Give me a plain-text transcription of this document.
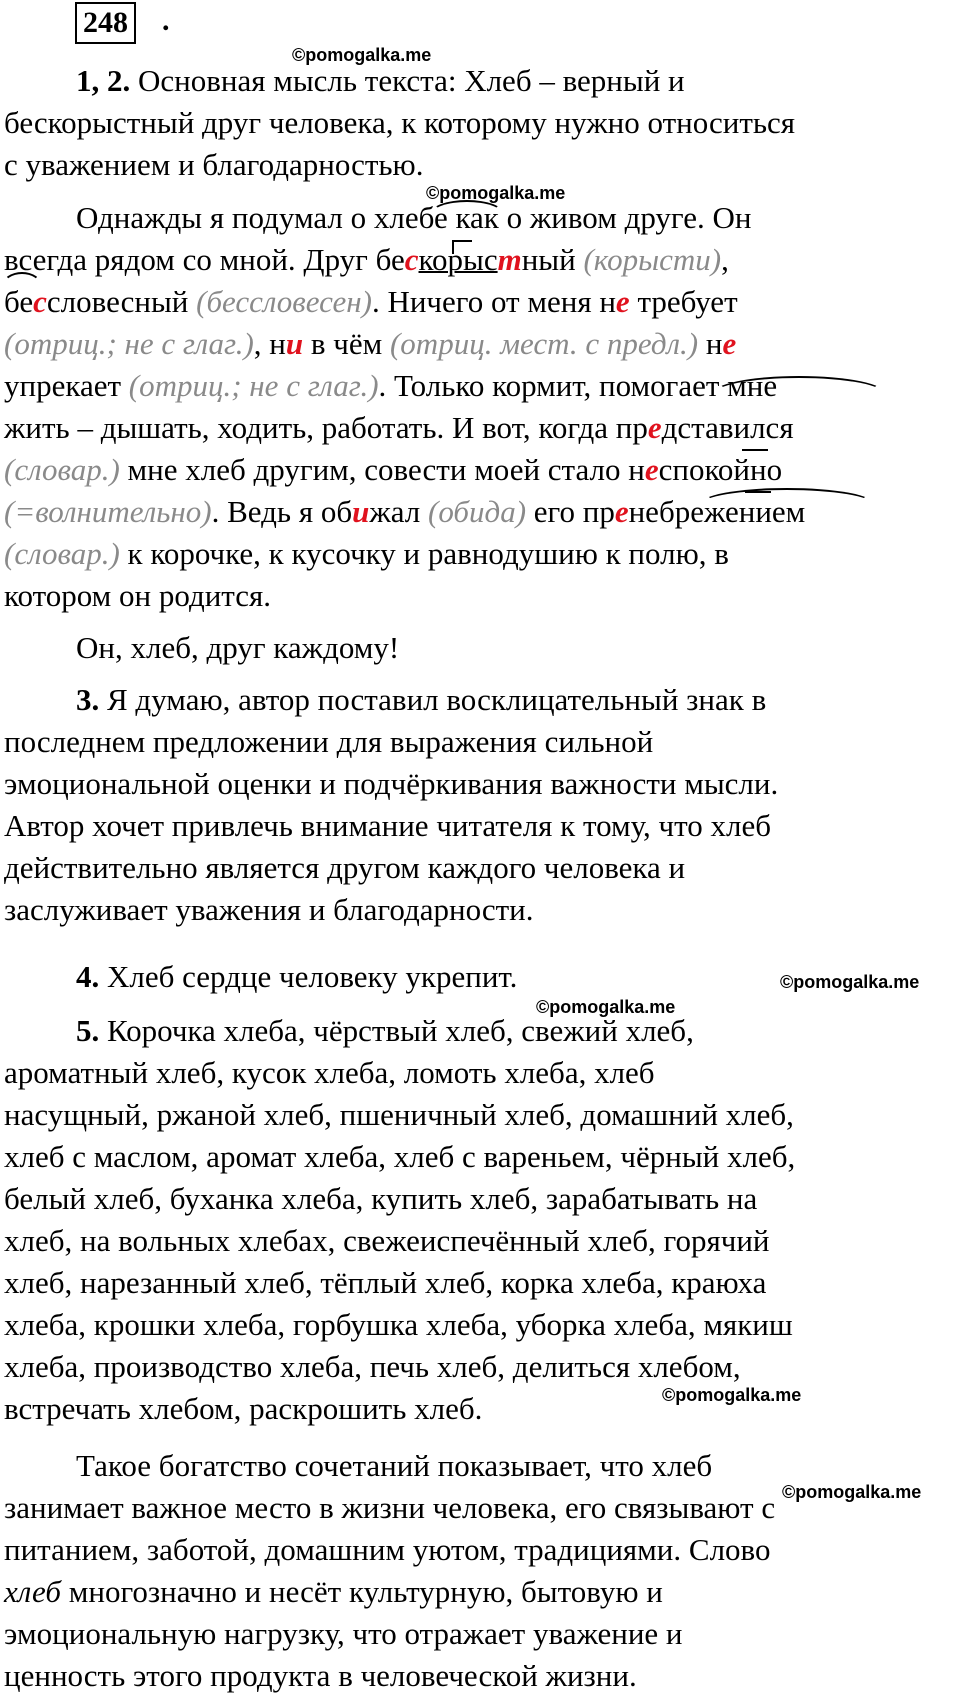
248 .
©pomogalka.me
©pomogalka.me
©pomogalka.me
©pomogalka.me
©pomogalka.me
©pomogalka.me
1, 2. Основная мысль текста: Хлеб – верный и
бескорыстный друг человека, к которому нужно относиться
с уважением и благодарностью.
Однажды я подумал о хлебе как о живом друге. Он
всегда рядом со мной. Друг бескорыстный (корысти),
бессловесный (бессловесен). Ничего от меня не требует
(отриц.; не с глаг.), ни в чём (отриц. мест. с предл.) не
упрекает (отриц.; не с глаг.). Только кормит, помогает мне
жить – дышать, ходить, работать. И вот, когда представился
(словар.) мне хлеб другим, совести моей стало неспокойно
(=волнительно). Ведь я обижал (обида) его пренебрежением
(словар.) к корочке, к кусочку и равнодушию к полю, в
котором он родится.
Он, хлеб, друг каждому!
3. Я думаю, автор поставил восклицательный знак в
последнем предложении для выражения сильной
эмоциональной оценки и подчёркивания важности мысли.
Автор хочет привлечь внимание читателя к тому, что хлеб
действительно является другом каждого человека и
заслуживает уважения и благодарности.
4. Хлеб сердце человеку укрепит.
5. Корочка хлеба, чёрствый хлеб, свежий хлеб,
ароматный хлеб, кусок хлеба, ломоть хлеба, хлеб
насущный, ржаной хлеб, пшеничный хлеб, домашний хлеб,
хлеб с маслом, аромат хлеба, хлеб с вареньем, чёрный хлеб,
белый хлеб, буханка хлеба, купить хлеб, зарабатывать на
хлеб, на вольных хлебах, свежеиспечённый хлеб, горячий
хлеб, нарезанный хлеб, тёплый хлеб, корка хлеба, краюха
хлеба, крошки хлеба, горбушка хлеба, уборка хлеба, мякиш
хлеба, производство хлеба, печь хлеб, делиться хлебом,
встречать хлебом, раскрошить хлеб.
Такое богатство сочетаний показывает, что хлеб
занимает важное место в жизни человека, его связывают с
питанием, заботой, домашним уютом, традициями. Слово
хлеб многозначно и несёт культурную, бытовую и
эмоциональную нагрузку, что отражает уважение и
ценность этого продукта в человеческой жизни.
